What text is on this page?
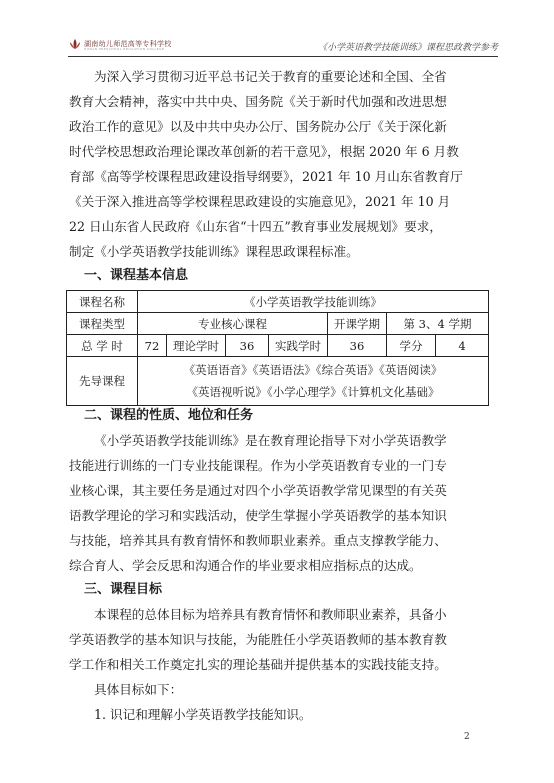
湖南幼儿师范高等专科学校
HUNAN PRESCHOOL EDUCATION COLLEGE	《小学英语教学技能训练》课程思政教学参考
为深入学习贯彻习近平总书记关于教育的重要论述和全国、全省
教育大会精神，落实中共中央、国务院《关于新时代加强和改进思想
政治工作的意见》以及中共中央办公厅、国务院办公厅《关于深化新
时代学校思想政治理论课改革创新的若干意见》，根据 2020 年 6 月教
育部《高等学校课程思政建设指导纲要》，2021 年 10 月山东省教育厅
《关于深入推进高等学校课程思政建设的实施意见》，2021 年 10 月
22 日山东省人民政府《山东省“十四五”教育事业发展规划》要求，
制定《小学英语教学技能训练》课程思政课程标准。
一、课程基本信息
课程名称	《小学英语教学技能训练》						
课程类型	专业核心课程				开课学期	第 3、4 学期	
总 学 时	72	理论学时	36	实践学时	36	学分	4
先导课程	《英语语音》《英语语法》《综合英语》《英语阅读》
《英语视听说》《小学心理学》《计算机文化基础》						
二、课程的性质、地位和任务
《小学英语教学技能训练》是在教育理论指导下对小学英语教学
技能进行训练的一门专业技能课程。作为小学英语教育专业的一门专
业核心课，其主要任务是通过对四个小学英语教学常见课型的有关英
语教学理论的学习和实践活动，使学生掌握小学英语教学的基本知识
与技能，培养其具有教育情怀和教师职业素养。重点支撑教学能力、
综合育人、学会反思和沟通合作的毕业要求相应指标点的达成。
三、课程目标
本课程的总体目标为培养具有教育情怀和教师职业素养，具备小
学英语教学的基本知识与技能，为能胜任小学英语教师的基本教育教
学工作和相关工作奠定扎实的理论基础并提供基本的实践技能支持。
具体目标如下：
1. 识记和理解小学英语教学技能知识。
2
